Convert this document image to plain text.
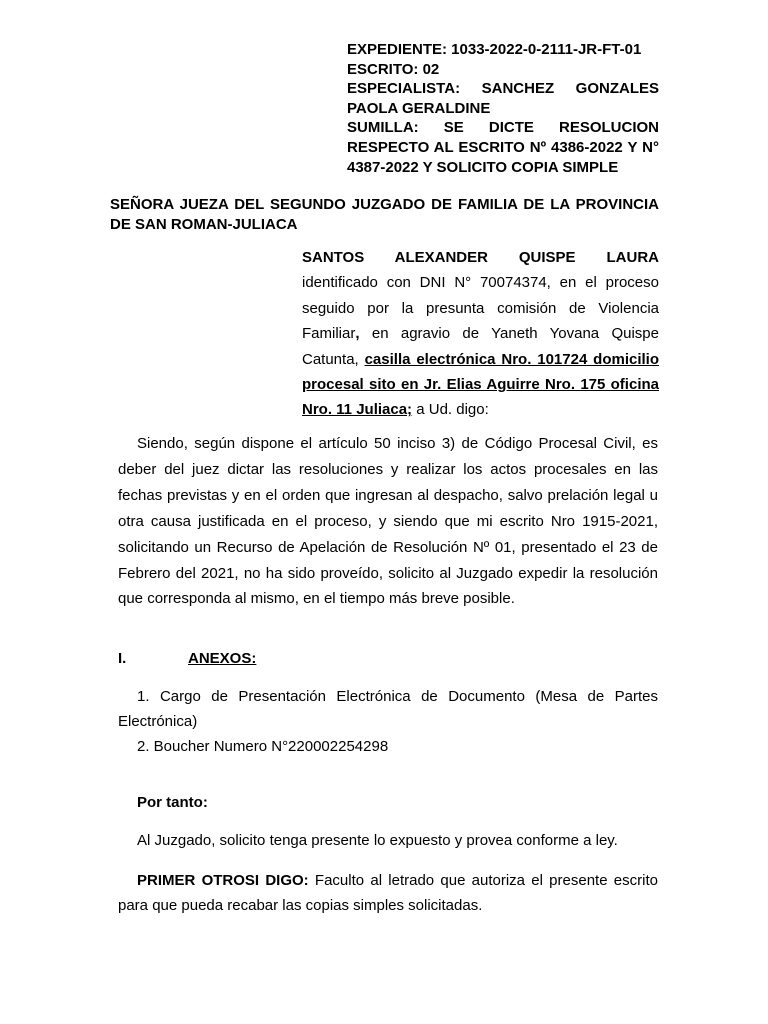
EXPEDIENTE: 1033-2022-0-2111-JR-FT-01
ESCRITO: 02
ESPECIALISTA: SANCHEZ GONZALES PAOLA GERALDINE
SUMILLA: SE DICTE RESOLUCION RESPECTO AL ESCRITO Nº 4386-2022 Y N° 4387-2022 Y SOLICITO COPIA SIMPLE
SEÑORA JUEZA DEL SEGUNDO JUZGADO DE FAMILIA DE LA PROVINCIA DE SAN ROMAN-JULIACA
SANTOS ALEXANDER QUISPE LAURA
identificado con DNI N° 70074374, en el proceso seguido por la presunta comisión de Violencia Familiar, en agravio de Yaneth Yovana Quispe Catunta, casilla electrónica Nro. 101724 domicilio procesal sito en Jr. Elias Aguirre Nro. 175 oficina Nro. 11 Juliaca; a Ud. digo:
Siendo, según dispone el artículo 50 inciso 3) de Código Procesal Civil, es deber del juez dictar las resoluciones y realizar los actos procesales en las fechas previstas y en el orden que ingresan al despacho, salvo prelación legal u otra causa justificada en el proceso, y siendo que mi escrito Nro 1915-2021, solicitando un Recurso de Apelación de Resolución Nº 01, presentado el 23 de Febrero del 2021, no ha sido proveído, solicito al Juzgado expedir la resolución que corresponda al mismo, en el tiempo más breve posible.
I.	ANEXOS:
1. Cargo de Presentación Electrónica de Documento (Mesa de Partes Electrónica)
2. Boucher Numero N°220002254298
Por tanto:
Al Juzgado, solicito tenga presente lo expuesto y provea conforme a ley.
PRIMER OTROSI DIGO: Faculto al letrado que autoriza el presente escrito para que pueda recabar las copias simples solicitadas.
